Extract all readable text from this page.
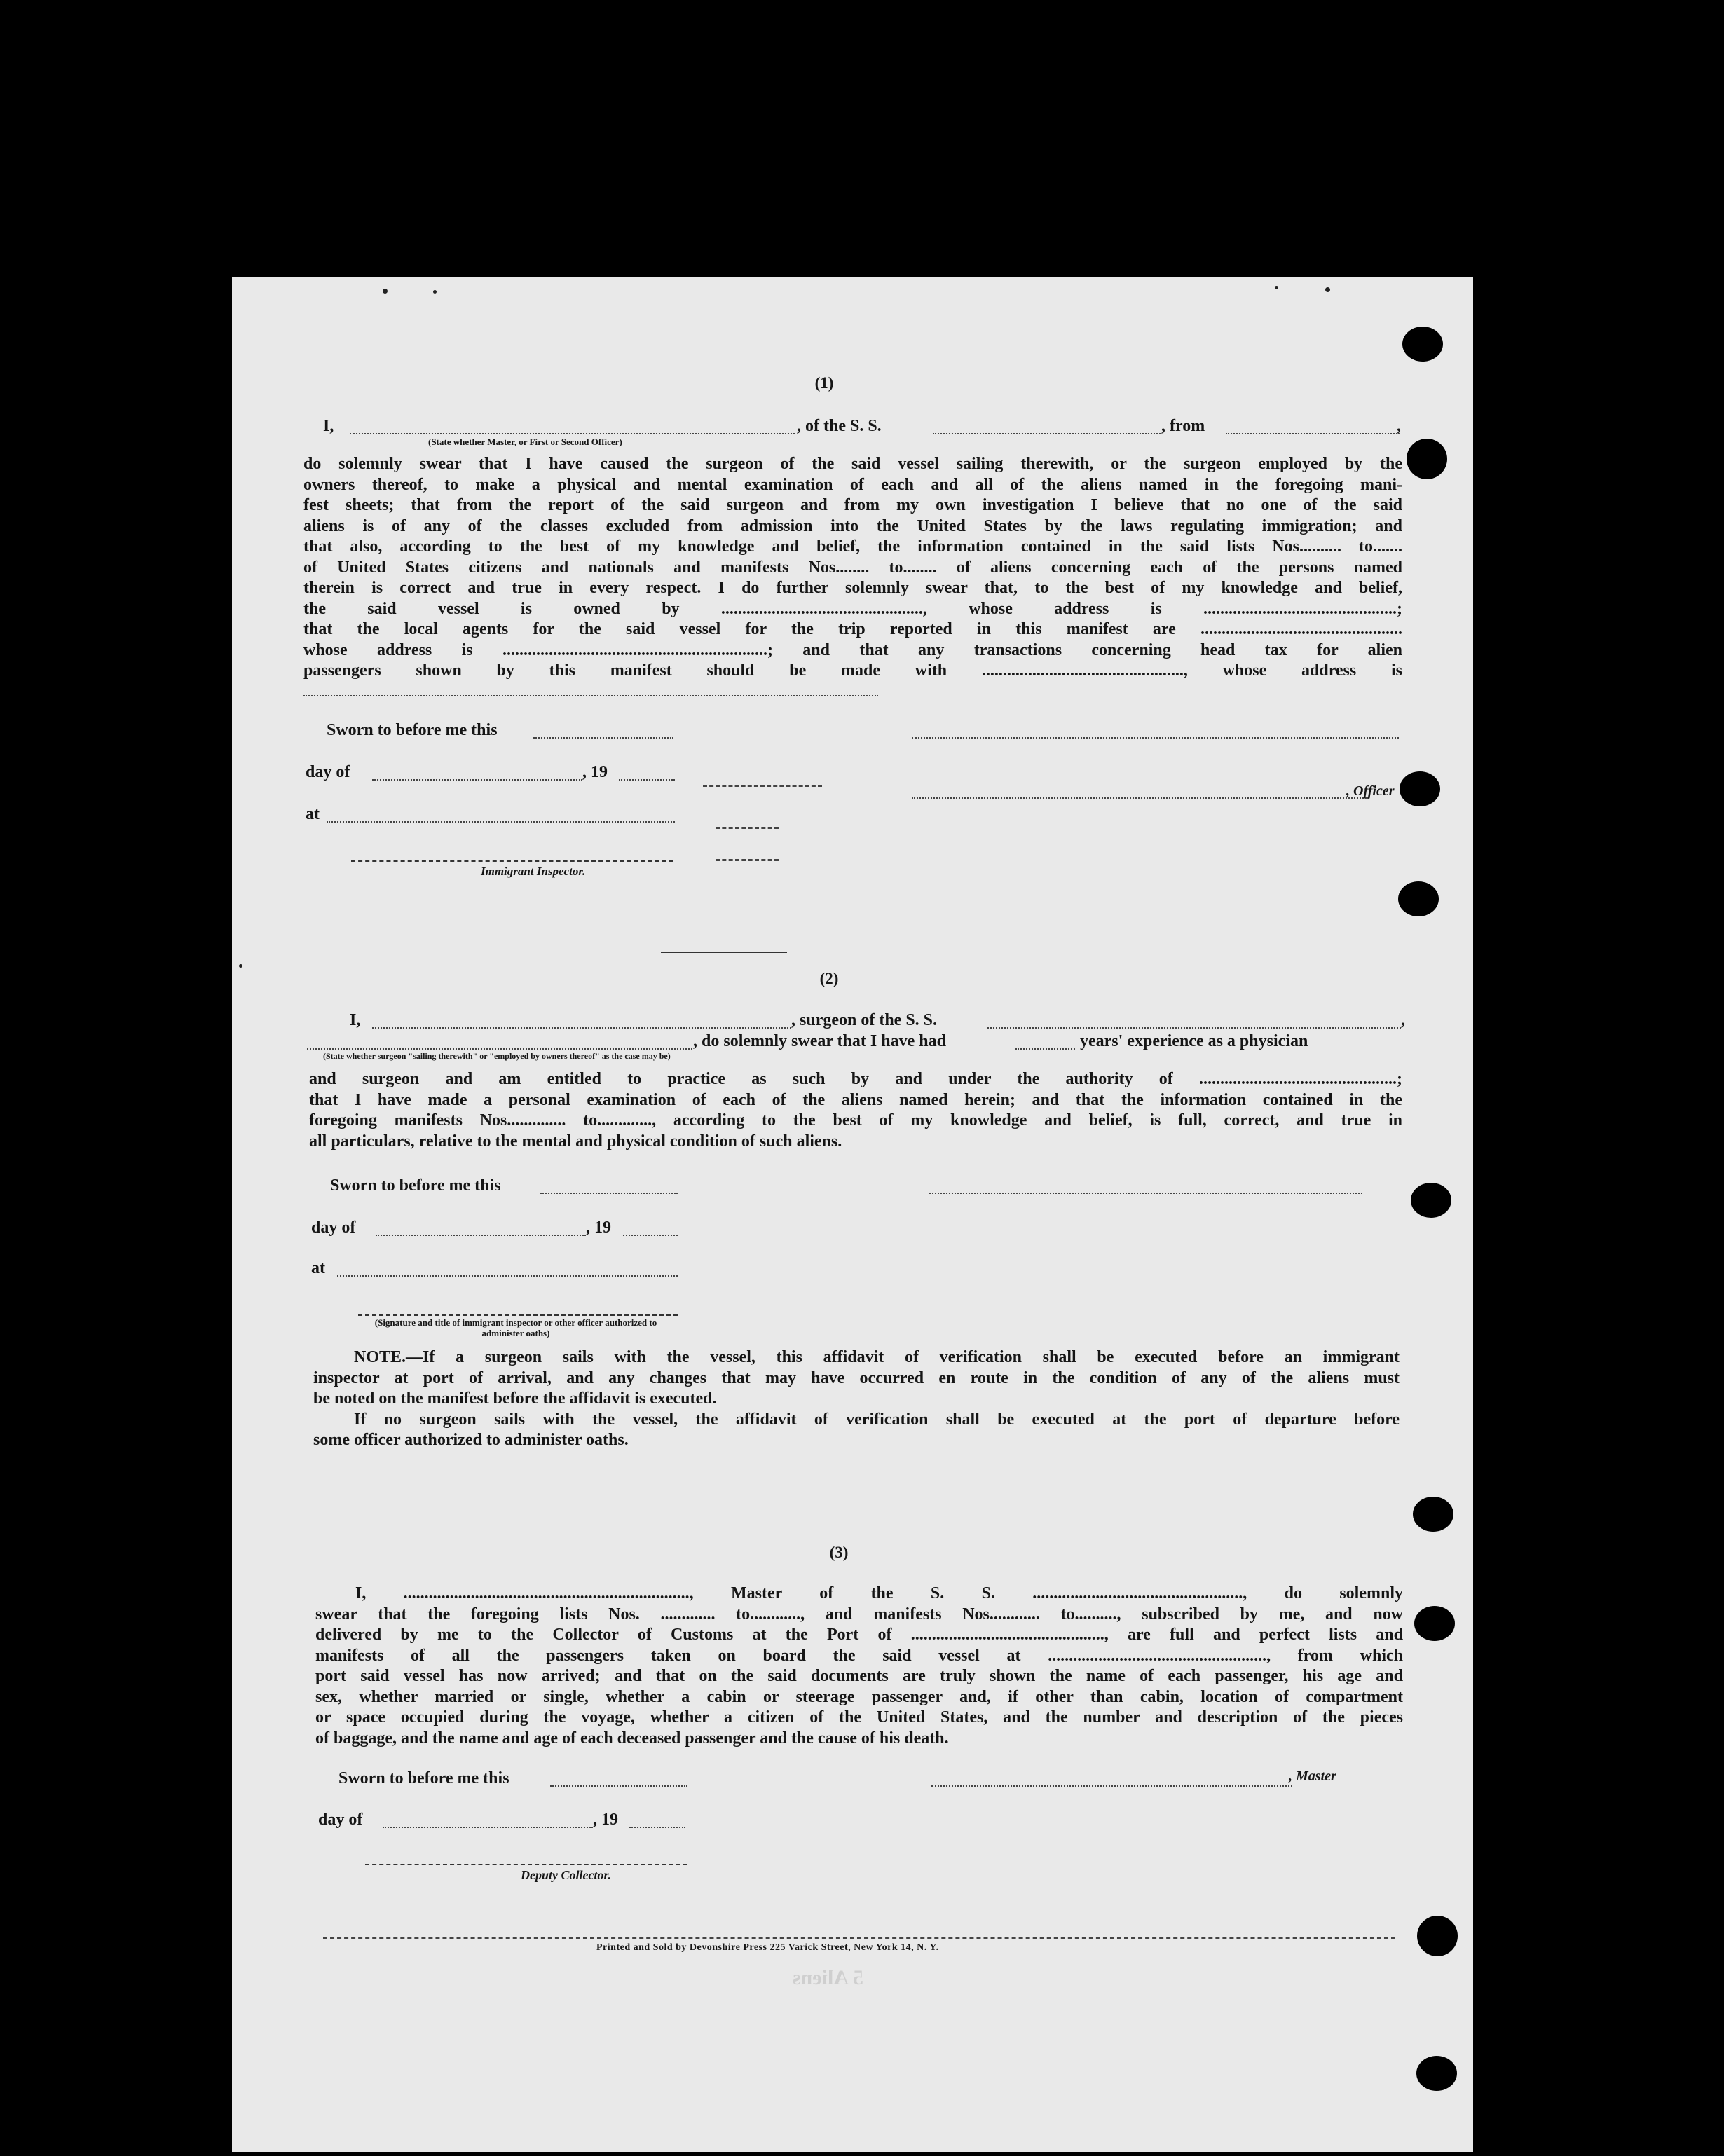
5 Aliens
(1)
I,	, of the S. S.	, from	,
(State whether Master, or First or Second Officer)
do solemnly swear that I have caused the surgeon of the said vessel sailing therewith, or the surgeon employed by the
owners thereof, to make a physical and mental examination of each and all of the aliens named in the foregoing mani-
fest sheets; that from the report of the said surgeon and from my own investigation I believe that no one of the said
aliens is of any of the classes excluded from admission into the United States by the laws regulating immigration; and
that also, according to the best of my knowledge and belief, the information contained in the said lists Nos.......... to.......
of United States citizens and nationals and manifests Nos........ to........ of aliens concerning each of the persons named
therein is correct and true in every respect. I do further solemnly swear that, to the best of my knowledge and belief,
the said vessel is owned by ................................................, whose address is ..............................................;
that the local agents for the said vessel for the trip reported in this manifest are ................................................
whose address is ...............................................................; and that any transactions concerning head tax for alien
passengers shown by this manifest should be made with ................................................, whose address is
Sworn to before me this
day of	, 19
, Officer
at
Immigrant Inspector.
(2)
I,	, surgeon of the S. S.	,
, do solemnly swear that I have had	years' experience as a physician
(State whether surgeon "sailing therewith" or "employed by owners thereof" as the case may be)
and surgeon and am entitled to practice as such by and under the authority of ...............................................;
that I have made a personal examination of each of the aliens named herein; and that the information contained in the
foregoing manifests Nos.............. to............., according to the best of my knowledge and belief, is full, correct, and true in
all particulars, relative to the mental and physical condition of such aliens.
Sworn to before me this
day of	, 19
at
(Signature and title of immigrant inspector or other officer authorized to administer oaths)
NOTE.—If a surgeon sails with the vessel, this affidavit of verification shall be executed before an immigrant
inspector at port of arrival, and any changes that may have occurred en route in the condition of any of the aliens must
be noted on the manifest before the affidavit is executed.
If no surgeon sails with the vessel, the affidavit of verification shall be executed at the port of departure before
some officer authorized to administer oaths.
(3)
I, ...................................................................., Master of the S. S. .................................................., do solemnly
swear that the foregoing lists Nos. ............. to............, and manifests Nos............ to.........., subscribed by me, and now
delivered by me to the Collector of Customs at the Port of .............................................., are full and perfect lists and
manifests of all the passengers taken on board the said vessel at ...................................................., from which
port said vessel has now arrived; and that on the said documents are truly shown the name of each passenger, his age and
sex, whether married or single, whether a cabin or steerage passenger and, if other than cabin, location of compartment
or space occupied during the voyage, whether a citizen of the United States, and the number and description of the pieces
of baggage, and the name and age of each deceased passenger and the cause of his death.
Sworn to before me this	, Master
day of	, 19
Deputy Collector.
Printed and Sold by Devonshire Press 225 Varick Street, New York 14, N. Y.
